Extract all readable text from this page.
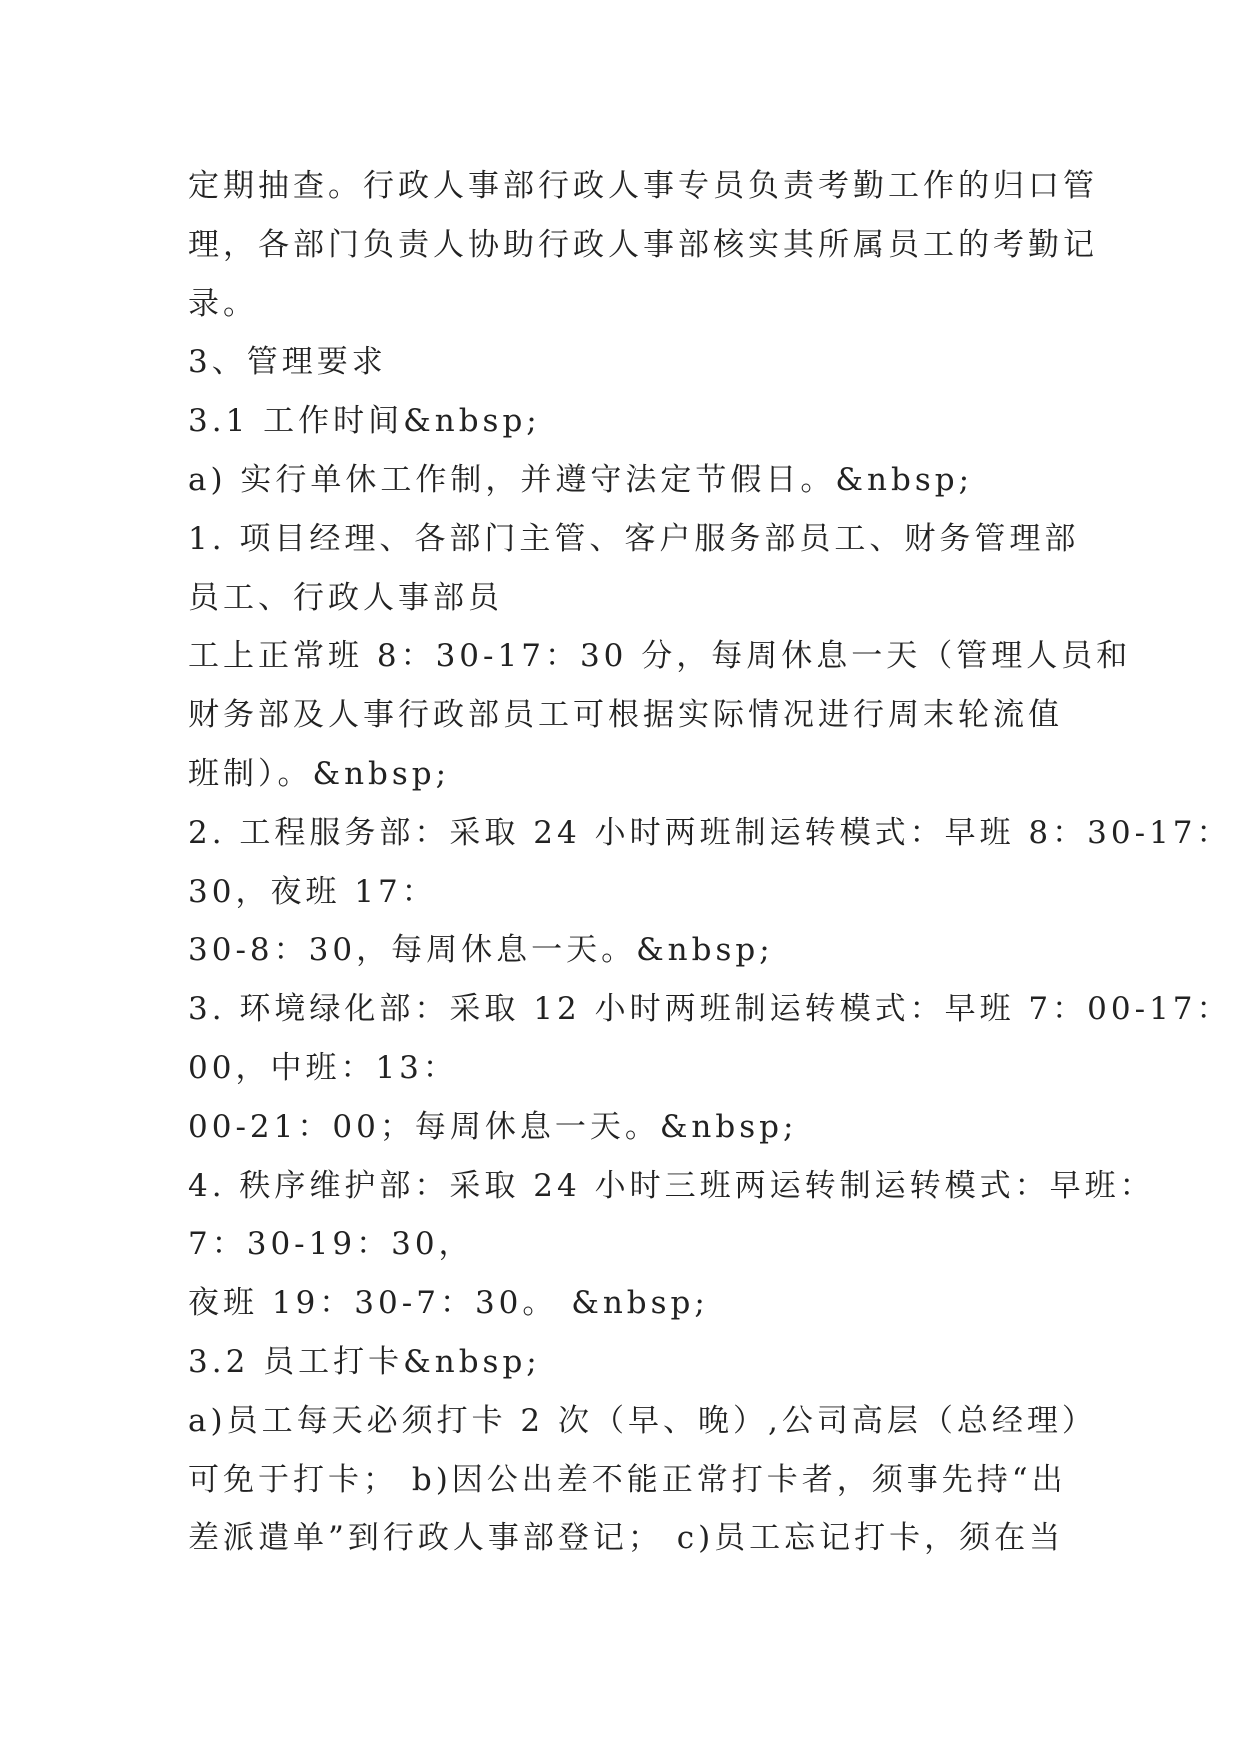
定期抽查。行政人事部行政人事专员负责考勤工作的归口管
理，各部门负责人协助行政人事部核实其所属员工的考勤记
录。
3、管理要求
3.1 工作时间&nbsp;
a) 实行单休工作制，并遵守法定节假日。&nbsp;
1. 项目经理、各部门主管、客户服务部员工、财务管理部
员工、行政人事部员
工上正常班 8：30-17：30 分，每周休息一天（管理人员和
财务部及人事行政部员工可根据实际情况进行周末轮流值
班制）。&nbsp;
2. 工程服务部：采取 24 小时两班制运转模式：早班 8：30-17：
30，夜班 17：
30-8：30，每周休息一天。&nbsp;
3. 环境绿化部：采取 12 小时两班制运转模式：早班 7：00-17：
00，中班：13：
00-21：00；每周休息一天。&nbsp;
4. 秩序维护部：采取 24 小时三班两运转制运转模式：早班：
7：30-19：30，
夜班 19：30-7：30。 &nbsp;
3.2 员工打卡&nbsp;
a)员工每天必须打卡 2 次（早、晚）,公司高层（总经理）
可免于打卡； b)因公出差不能正常打卡者，须事先持“出
差派遣单”到行政人事部登记； c)员工忘记打卡，须在当
